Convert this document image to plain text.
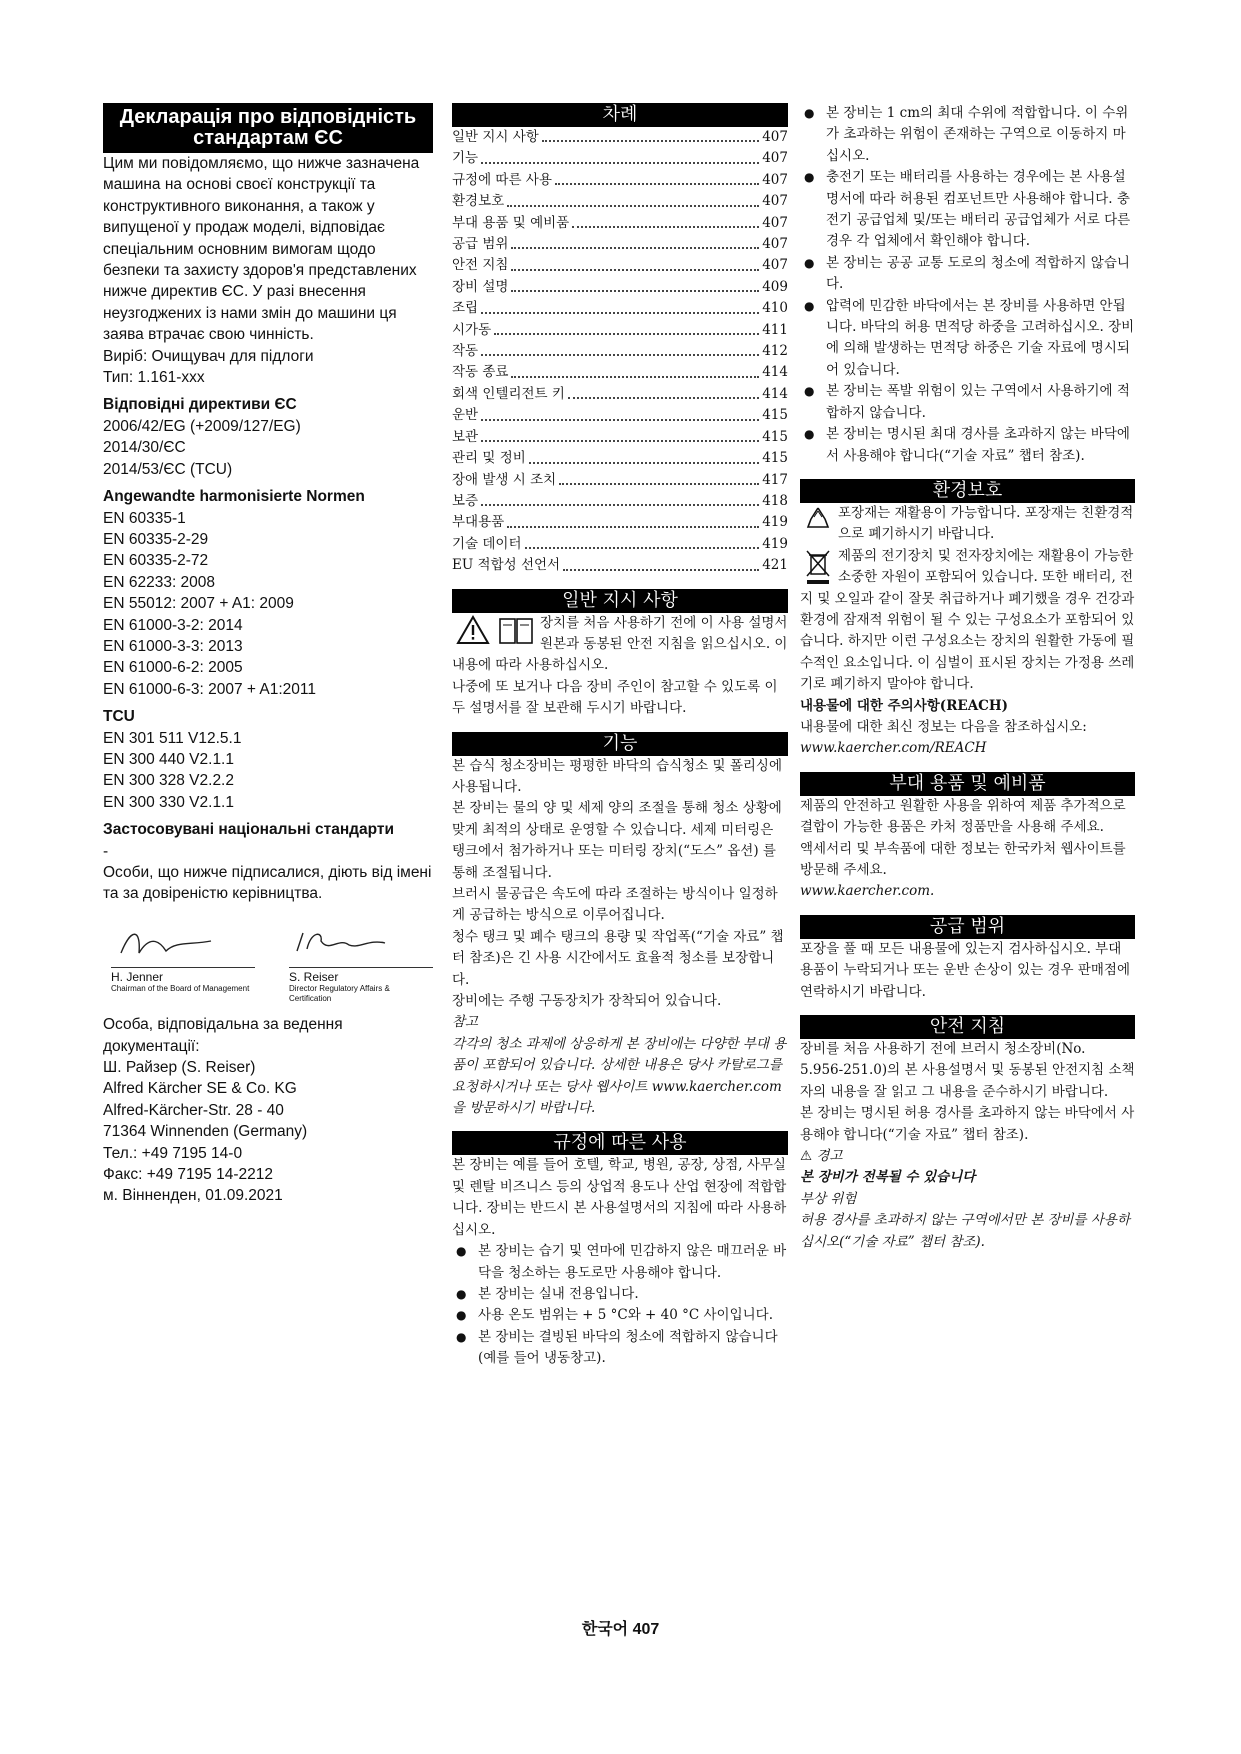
Декларація про відповідність стандартам ЄС
Цим ми повідомляємо, що нижче зазначена машина на основі своєї конструкції та конструктивного виконання, а також у випущеної у продаж моделі, відповідає спеціальним основним вимогам щодо безпеки та захисту здоров'я представлених нижче директив ЄС. У разі внесення неузгоджених із нами змін до машини ця заява втрачає свою чинність.
Виріб: Очищувач для підлоги
Тип: 1.161-xxx
Відповідні директиви ЄС
2006/42/EG (+2009/127/EG)
2014/30/ЄС
2014/53/ЄС (TCU)
Angewandte harmonisierte Normen
EN 60335-1
EN 60335-2-29
EN 60335-2-72
EN 62233: 2008
EN 55012: 2007 + A1: 2009
EN 61000-3-2: 2014
EN 61000-3-3: 2013
EN 61000-6-2: 2005
EN 61000-6-3: 2007 + A1:2011
TCU
EN 301 511 V12.5.1
EN 300 440 V2.1.1
EN 300 328 V2.2.2
EN 300 330 V2.1.1
Застосовувані національні стандарти
-
Особи, що нижче підписалися, діють від імені та за довіреністю керівництва.
H. Jenner
Chairman of the Board of Management
S. Reiser
Director Regulatory Affairs & Certification
Особа, відповідальна за ведення документації:
Ш. Райзер (S. Reiser)
Alfred Kärcher SE & Co. KG
Alfred-Kärcher-Str. 28 - 40
71364 Winnenden (Germany)
Тел.: +49 7195 14-0
Факс: +49 7195 14-2212
м. Вінненден, 01.09.2021
차례
일반 지시 사항	407
기능	407
규정에 따른 사용	407
환경보호	407
부대 용품 및 예비품	407
공급 범위	407
안전 지침	407
장비 설명	409
조립	410
시가동	411
작동	412
작동 종료	414
회색 인텔리전트 키	414
운반	415
보관	415
관리 및 정비	415
장애 발생 시 조치	417
보증	418
부대용품	419
기술 데이터	419
EU 적합성 선언서	421
일반 지시 사항
장치를 처음 사용하기 전에 이 사용 설명서 원본과 동봉된 안전 지침을 읽으십시오. 이 내용에 따라 사용하십시오.
나중에 또 보거나 다음 장비 주인이 참고할 수 있도록 이 두 설명서를 잘 보관해 두시기 바랍니다.
기능
본 습식 청소장비는 평평한 바닥의 습식청소 및 폴리싱에 사용됩니다.
본 장비는 물의 양 및 세제 양의 조절을 통해 청소 상황에 맞게 최적의 상태로 운영할 수 있습니다. 세제 미터링은 탱크에서 첨가하거나 또는 미터링 장치(“도스” 옵션) 를 통해 조절됩니다.
브러시 물공급은 속도에 따라 조절하는 방식이나 일정하게 공급하는 방식으로 이루어집니다.
청수 탱크 및 폐수 탱크의 용량 및 작업폭(“기술 자료” 챕터 참조)은 긴 사용 시간에서도 효율적 청소를 보장합니다.
장비에는 주행 구동장치가 장착되어 있습니다.
참고
각각의 청소 과제에 상응하게 본 장비에는 다양한 부대 용품이 포함되어 있습니다. 상세한 내용은 당사 카탈로그를 요청하시거나 또는 당사 웹사이트 www.kaercher.com을 방문하시기 바랍니다.
규정에 따른 사용
본 장비는 예를 들어 호텔, 학교, 병원, 공장, 상점, 사무실 및 렌탈 비즈니스 등의 상업적 용도나 산업 현장에 적합합니다. 장비는 반드시 본 사용설명서의 지침에 따라 사용하십시오.
● 본 장비는 습기 및 연마에 민감하지 않은 매끄러운 바닥을 청소하는 용도로만 사용해야 합니다.
● 본 장비는 실내 전용입니다.
● 사용 온도 범위는 + 5 °C와 + 40 °C 사이입니다.
● 본 장비는 결빙된 바닥의 청소에 적합하지 않습니다(예를 들어 냉동창고).
● 본 장비는 1 cm의 최대 수위에 적합합니다. 이 수위가 초과하는 위험이 존재하는 구역으로 이동하지 마십시오.
● 충전기 또는 배터리를 사용하는 경우에는 본 사용설명서에 따라 허용된 컴포넌트만 사용해야 합니다. 충전기 공급업체 및/또는 배터리 공급업체가 서로 다른 경우 각 업체에서 확인해야 합니다.
● 본 장비는 공공 교통 도로의 청소에 적합하지 않습니다.
● 압력에 민감한 바닥에서는 본 장비를 사용하면 안됩니다. 바닥의 허용 면적당 하중을 고려하십시오. 장비에 의해 발생하는 면적당 하중은 기술 자료에 명시되어 있습니다.
● 본 장비는 폭발 위험이 있는 구역에서 사용하기에 적합하지 않습니다.
● 본 장비는 명시된 최대 경사를 초과하지 않는 바닥에서 사용해야 합니다(“기술 자료” 챕터 참조).
환경보호
포장재는 재활용이 가능합니다. 포장재는 친환경적으로 폐기하시기 바랍니다.
제품의 전기장치 및 전자장치에는 재활용이 가능한 소중한 자원이 포함되어 있습니다. 또한 배터리, 전지 및 오일과 같이 잘못 취급하거나 폐기했을 경우 건강과 환경에 잠재적 위험이 될 수 있는 구성요소가 포함되어 있습니다. 하지만 이런 구성요소는 장치의 원활한 가동에 필수적인 요소입니다. 이 심벌이 표시된 장치는 가정용 쓰레기로 폐기하지 말아야 합니다.
내용물에 대한 주의사항(REACH)
내용물에 대한 최신 정보는 다음을 참조하십시오: www.kaercher.com/REACH
부대 용품 및 예비품
제품의 안전하고 원활한 사용을 위하여 제품 추가적으로 결합이 가능한 용품은 카처 정품만을 사용해 주세요.
액세서리 및 부속품에 대한 정보는 한국카처 웹사이트를 방문해 주세요.
www.kaercher.com.
공급 범위
포장을 풀 때 모든 내용물에 있는지 검사하십시오. 부대 용품이 누락되거나 또는 운반 손상이 있는 경우 판매점에 연락하시기 바랍니다.
안전 지침
장비를 처음 사용하기 전에 브러시 청소장비(No. 5.956-251.0)의 본 사용설명서 및 동봉된 안전지침 소책자의 내용을 잘 읽고 그 내용을 준수하시기 바랍니다.
본 장비는 명시된 허용 경사를 초과하지 않는 바닥에서 사용해야 합니다(“기술 자료” 챕터 참조).
⚠ 경고
본 장비가 전복될 수 있습니다
부상 위험
허용 경사를 초과하지 않는 구역에서만 본 장비를 사용하십시오(“기술 자료” 챕터 참조).
한국어 407
